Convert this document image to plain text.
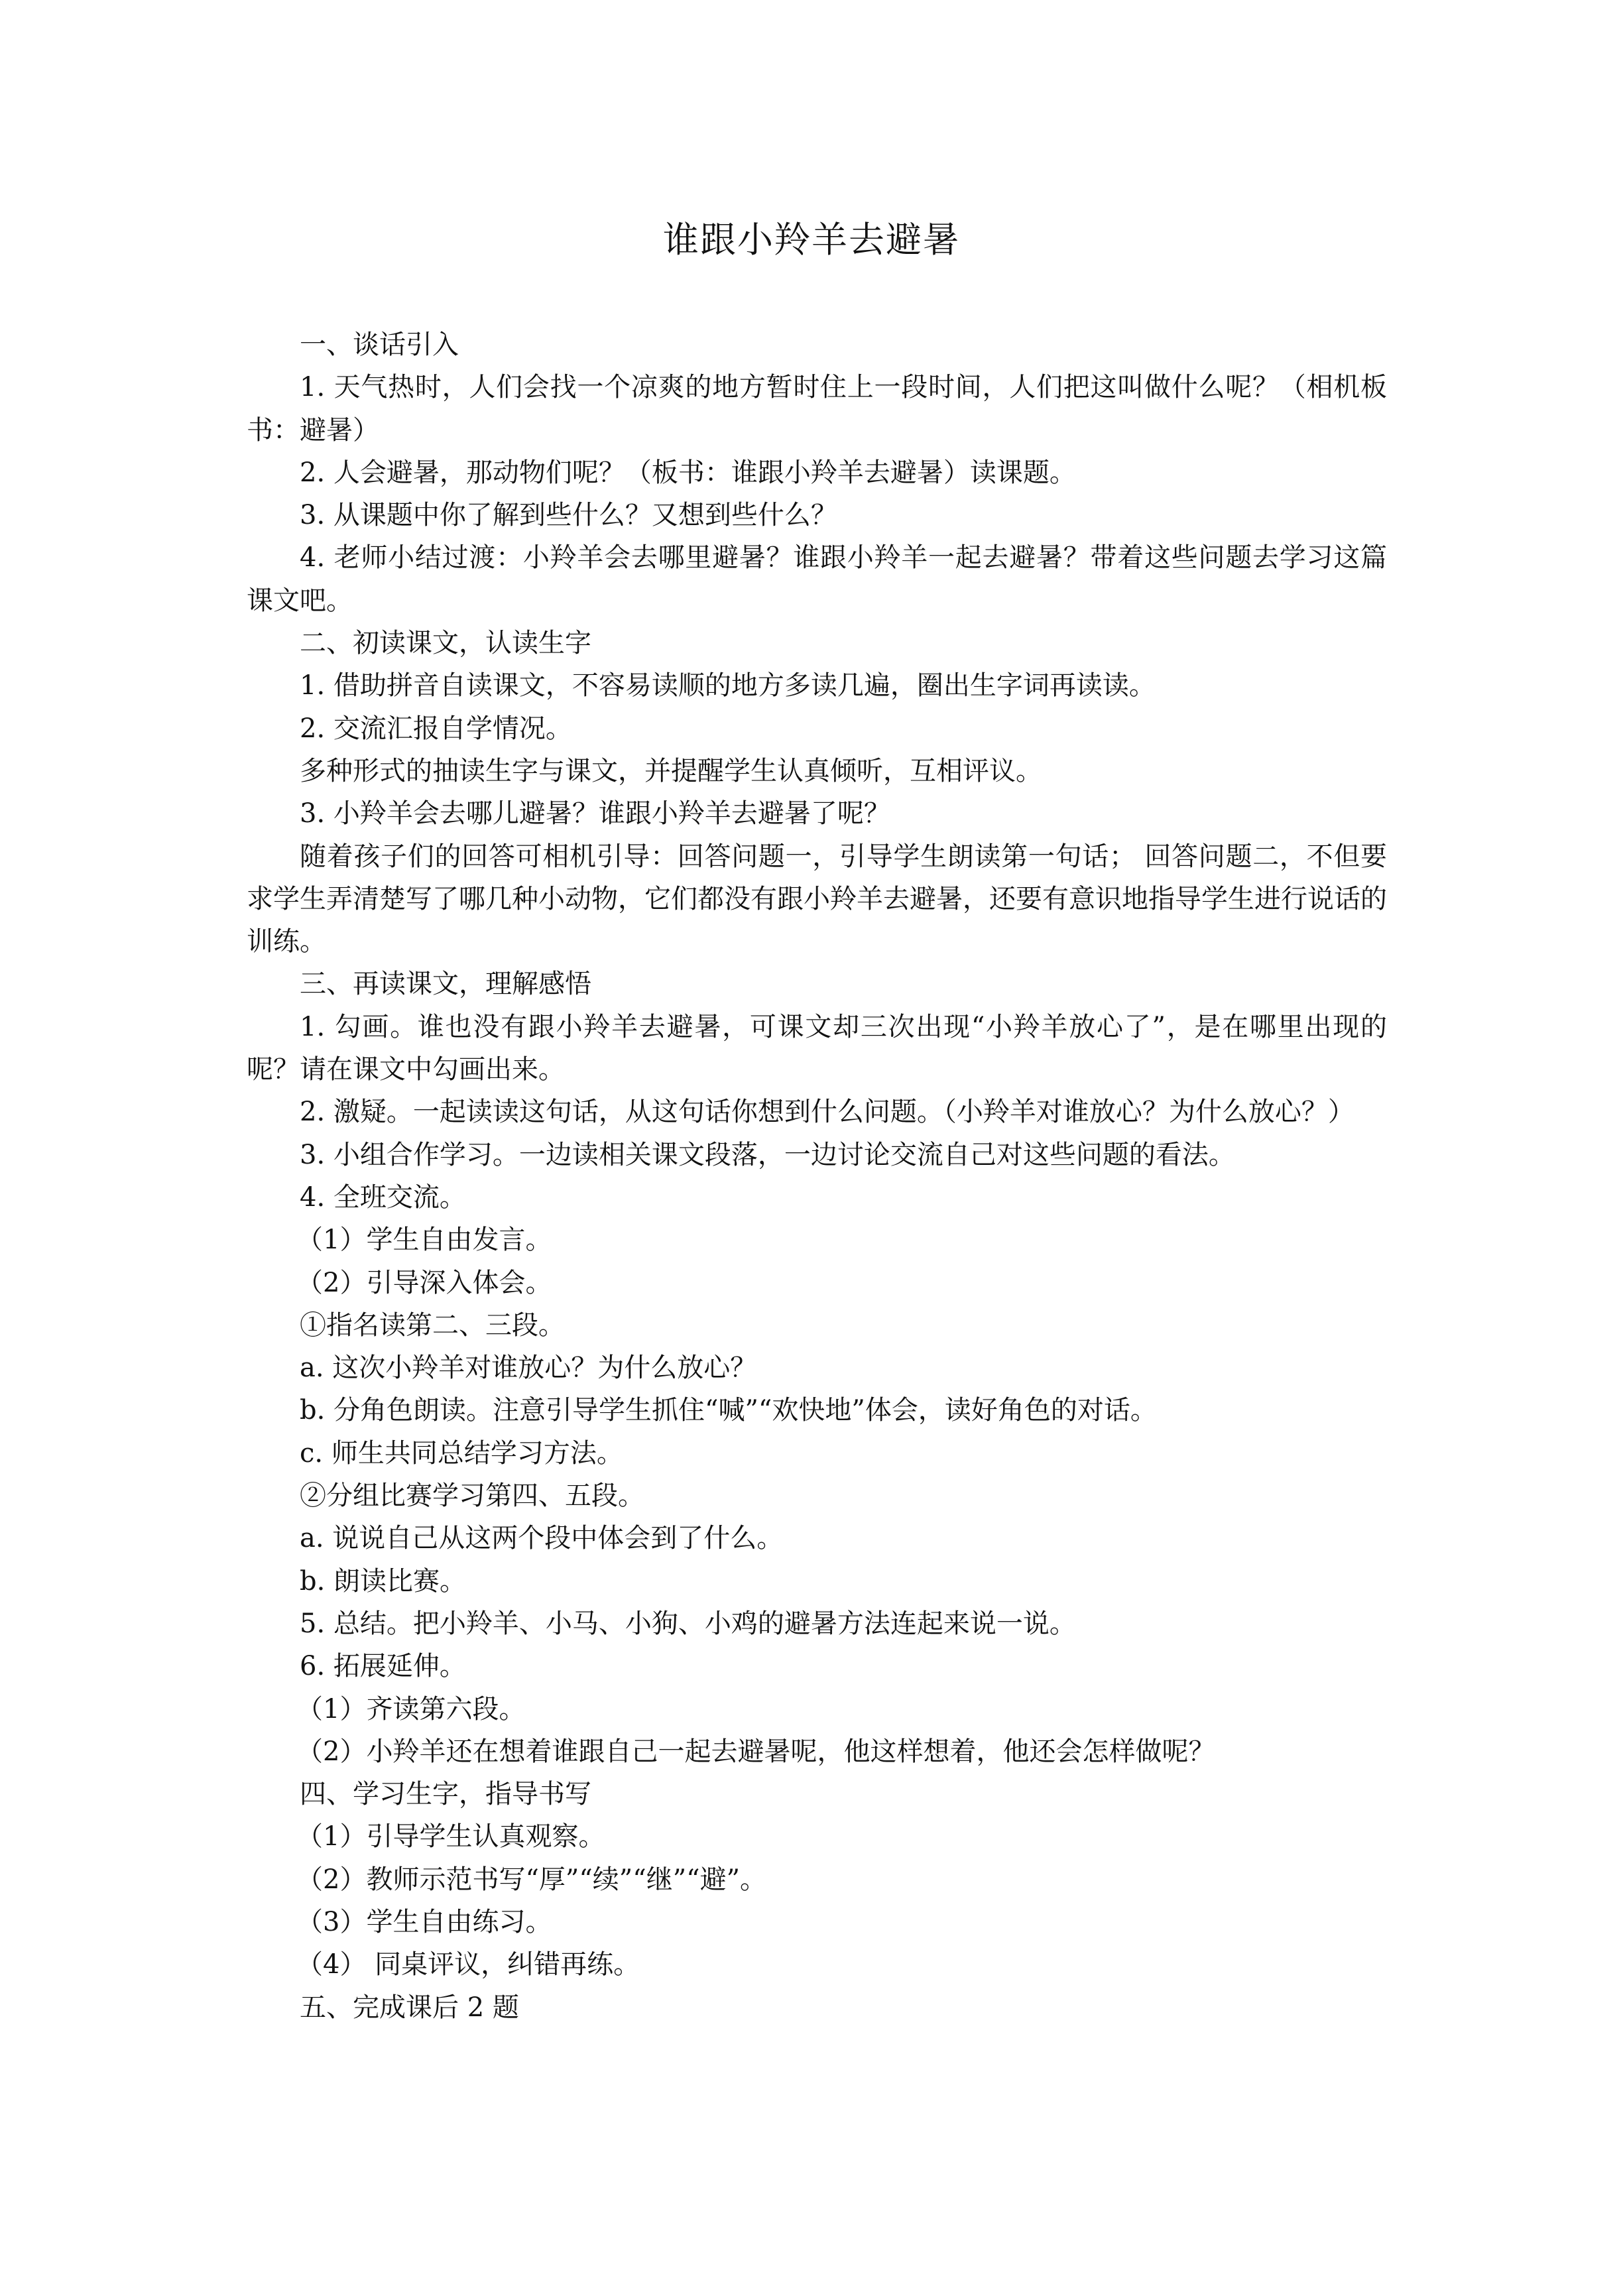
谁跟小羚羊去避暑

一、谈话引入

1. 天气热时，人们会找一个凉爽的地方暂时住上一段时间，人们把这叫做什么呢？（相机板书：避暑）

2. 人会避暑，那动物们呢？（板书：谁跟小羚羊去避暑）读课题。

3. 从课题中你了解到些什么？又想到些什么？

4. 老师小结过渡：小羚羊会去哪里避暑？谁跟小羚羊一起去避暑？带着这些问题去学习这篇课文吧。

二、初读课文，认读生字

1. 借助拼音自读课文，不容易读顺的地方多读几遍，圈出生字词再读读。

2. 交流汇报自学情况。

多种形式的抽读生字与课文，并提醒学生认真倾听，互相评议。

3. 小羚羊会去哪儿避暑？谁跟小羚羊去避暑了呢？

随着孩子们的回答可相机引导：回答问题一，引导学生朗读第一句话； 回答问题二，不但要求学生弄清楚写了哪几种小动物，它们都没有跟小羚羊去避暑，还要有意识地指导学生进行说话的训练。

三、再读课文，理解感悟

1. 勾画。谁也没有跟小羚羊去避暑，可课文却三次出现“小羚羊放心了”，是在哪里出现的呢？请在课文中勾画出来。

2. 激疑。一起读读这句话，从这句话你想到什么问题。（小羚羊对谁放心？为什么放心？）

3. 小组合作学习。一边读相关课文段落，一边讨论交流自己对这些问题的看法。

4. 全班交流。

（1）学生自由发言。

（2）引导深入体会。

①指名读第二、三段。

a. 这次小羚羊对谁放心？为什么放心？

b. 分角色朗读。注意引导学生抓住“喊”“欢快地”体会，读好角色的对话。

c. 师生共同总结学习方法。

②分组比赛学习第四、五段。

a. 说说自己从这两个段中体会到了什么。

b. 朗读比赛。

5. 总结。把小羚羊、小马、小狗、小鸡的避暑方法连起来说一说。

6. 拓展延伸。

（1）齐读第六段。

（2）小羚羊还在想着谁跟自己一起去避暑呢，他这样想着，他还会怎样做呢？

四、学习生字，指导书写

（1）引导学生认真观察。

（2）教师示范书写“厚”“续”“继”“避”。

（3）学生自由练习。

（4） 同桌评议，纠错再练。

五、完成课后 2 题
